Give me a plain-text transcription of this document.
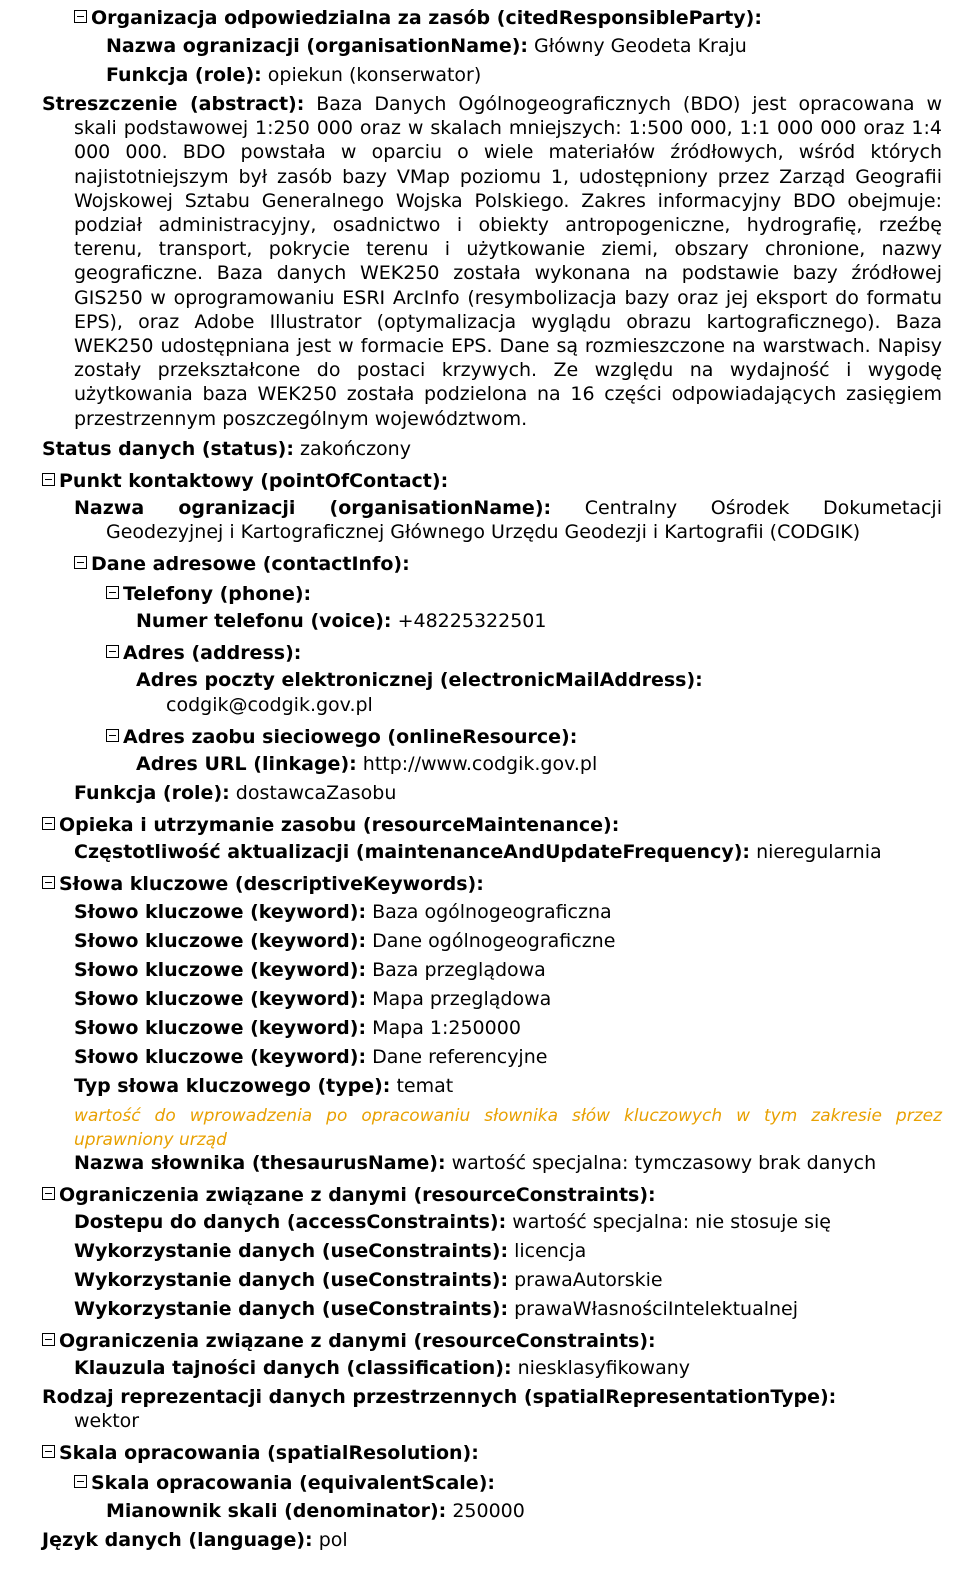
Organizacja odpowiedzialna za zasób (citedResponsibleParty):
Nazwa ogranizacji (organisationName): Główny Geodeta Kraju
Funkcja (role): opiekun (konserwator)
Streszczenie (abstract): Baza Danych Ogólnogeograficznych (BDO) jest opracowana w skali podstawowej 1:250 000 oraz w skalach mniejszych: 1:500 000, 1:1 000 000 oraz 1:4 000 000. BDO powstała w oparciu o wiele materiałów źródłowych, wśród których najistotniejszym był zasób bazy VMap poziomu 1, udostępniony przez Zarząd Geografii Wojskowej Sztabu Generalnego Wojska Polskiego. Zakres informacyjny BDO obejmuje: podział administracyjny, osadnictwo i obiekty antropogeniczne, hydrografię, rzeźbę terenu, transport, pokrycie terenu i użytkowanie ziemi, obszary chronione, nazwy geograficzne. Baza danych WEK250 została wykonana na podstawie bazy źródłowej GIS250 w oprogramowaniu ESRI ArcInfo (resymbolizacja bazy oraz jej eksport do formatu EPS), oraz Adobe Illustrator (optymalizacja wyglądu obrazu kartograficznego). Baza WEK250 udostępniana jest w formacie EPS. Dane są rozmieszczone na warstwach. Napisy zostały przekształcone do postaci krzywych. Ze względu na wydajność i wygodę użytkowania baza WEK250 została podzielona na 16 części odpowiadających zasięgiem przestrzennym poszczególnym województwom.
Status danych (status): zakończony
Punkt kontaktowy (pointOfContact):
Nazwa ogranizacji (organisationName): Centralny Ośrodek Dokumetacji
Geodezyjnej i Kartograficznej Głównego Urzędu Geodezji i Kartografii (CODGIK)
Dane adresowe (contactInfo):
Telefony (phone):
Numer telefonu (voice): +48225322501
Adres (address):
Adres poczty elektronicznej (electronicMailAddress):
codgik@codgik.gov.pl
Adres zaobu sieciowego (onlineResource):
Adres URL (linkage): http://www.codgik.gov.pl
Funkcja (role): dostawcaZasobu
Opieka i utrzymanie zasobu (resourceMaintenance):
Częstotliwość aktualizacji (maintenanceAndUpdateFrequency): nieregularnia
Słowa kluczowe (descriptiveKeywords):
Słowo kluczowe (keyword): Baza ogólnogeograficzna
Słowo kluczowe (keyword): Dane ogólnogeograficzne
Słowo kluczowe (keyword): Baza przeglądowa
Słowo kluczowe (keyword): Mapa przeglądowa
Słowo kluczowe (keyword): Mapa 1:250000
Słowo kluczowe (keyword): Dane referencyjne
Typ słowa kluczowego (type): temat
wartość do wprowadzenia po opracowaniu słownika słów kluczowych w tym zakresie przez uprawniony urząd
Nazwa słownika (thesaurusName): wartość specjalna: tymczasowy brak danych
Ograniczenia związane z danymi (resourceConstraints):
Dostepu do danych (accessConstraints): wartość specjalna: nie stosuje się
Wykorzystanie danych (useConstraints): licencja
Wykorzystanie danych (useConstraints): prawaAutorskie
Wykorzystanie danych (useConstraints): prawaWłasnościIntelektualnej
Ograniczenia związane z danymi (resourceConstraints):
Klauzula tajności danych (classification): niesklasyfikowany
Rodzaj reprezentacji danych przestrzennych (spatialRepresentationType):
wektor
Skala opracowania (spatialResolution):
Skala opracowania (equivalentScale):
Mianownik skali (denominator): 250000
Język danych (language): pol
